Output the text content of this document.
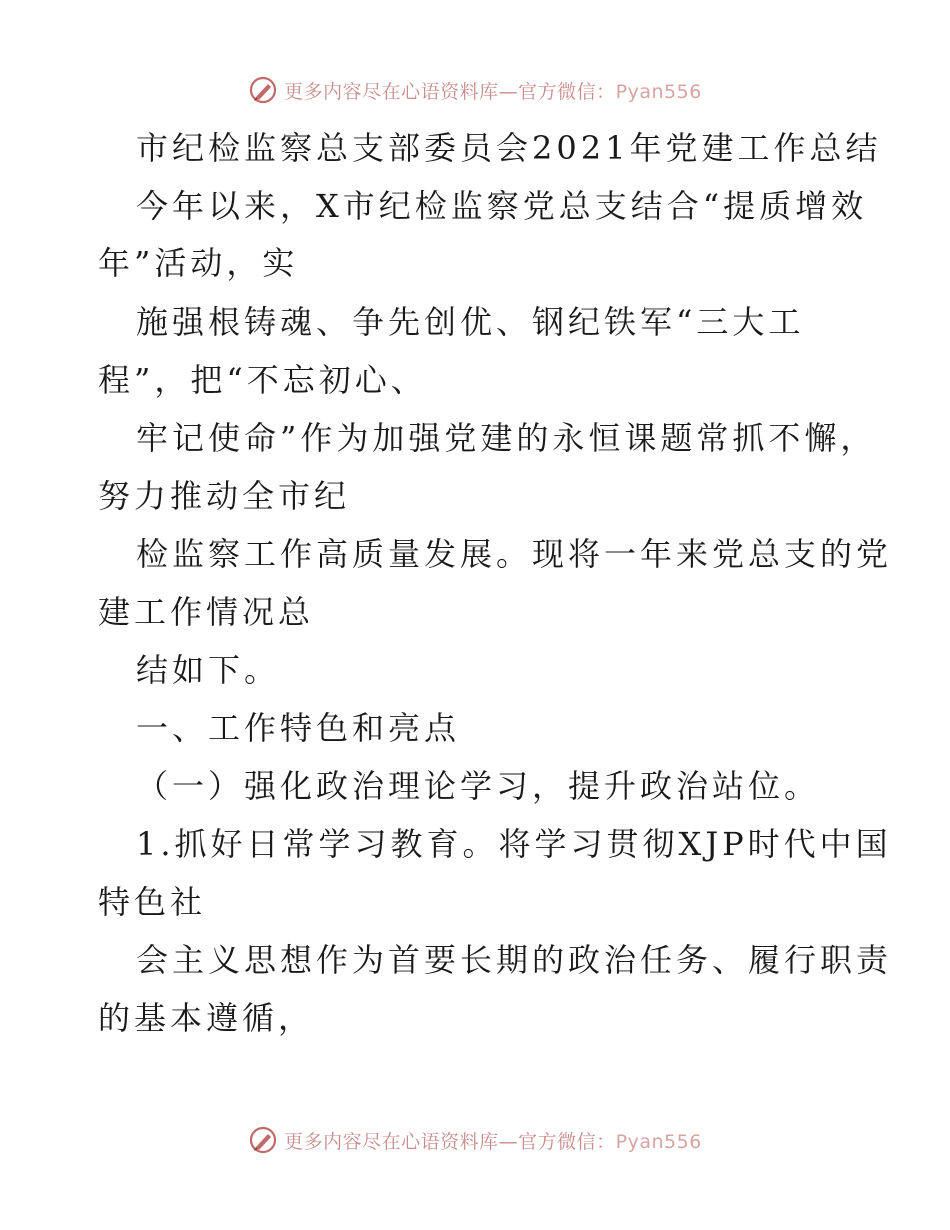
更多内容尽在心语资料库—官方微信：Pyan556
市纪检监察总支部委员会2021年党建工作总结
今年以来，X市纪检监察党总支结合“提质增效
年”活动，实
施强根铸魂、争先创优、钢纪铁军“三大工
程”，把“不忘初心、
牢记使命”作为加强党建的永恒课题常抓不懈，
努力推动全市纪
检监察工作高质量发展。现将一年来党总支的党
建工作情况总
结如下。
一、工作特色和亮点
（一）强化政治理论学习，提升政治站位。
1.抓好日常学习教育。将学习贯彻XJP时代中国
特色社
会主义思想作为首要长期的政治任务、履行职责
的基本遵循，
更多内容尽在心语资料库—官方微信：Pyan556
